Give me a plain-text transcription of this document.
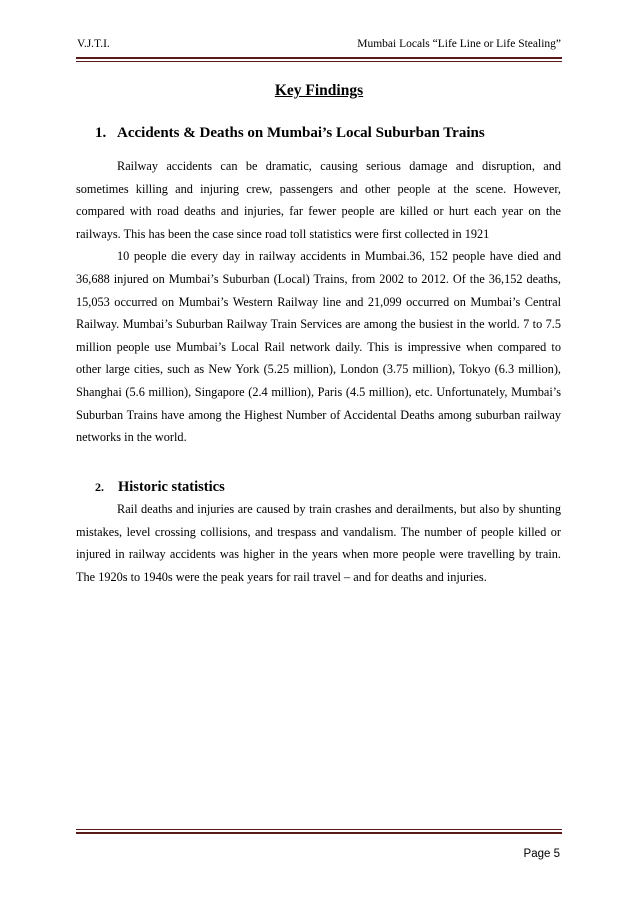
V.J.T.I.	Mumbai Locals “Life Line or Life Stealing”
Key Findings
1. Accidents & Deaths on Mumbai’s Local Suburban Trains

Railway accidents can be dramatic, causing serious damage and disruption, and sometimes killing and injuring crew, passengers and other people at the scene. However, compared with road deaths and injuries, far fewer people are killed or hurt each year on the railways. This has been the case since road toll statistics were first collected in 1921

10 people die every day in railway accidents in Mumbai.36, 152 people have died and 36,688 injured on Mumbai’s Suburban (Local) Trains, from 2002 to 2012. Of the 36,152 deaths, 15,053 occurred on Mumbai’s Western Railway line and 21,099 occurred on Mumbai’s Central Railway. Mumbai’s Suburban Railway Train Services are among the busiest in the world. 7 to 7.5 million people use Mumbai’s Local Rail network daily. This is impressive when compared to other large cities, such as New York (5.25 million), London (3.75 million), Tokyo (6.3 million), Shanghai (5.6 million), Singapore (2.4 million), Paris (4.5 million), etc. Unfortunately, Mumbai’s Suburban Trains have among the Highest Number of Accidental Deaths among suburban railway networks in the world.

2. Historic statistics

Rail deaths and injuries are caused by train crashes and derailments, but also by shunting mistakes, level crossing collisions, and trespass and vandalism. The number of people killed or injured in railway accidents was higher in the years when more people were travelling by train. The 1920s to 1940s were the peak years for rail travel – and for deaths and injuries.

Page 5
